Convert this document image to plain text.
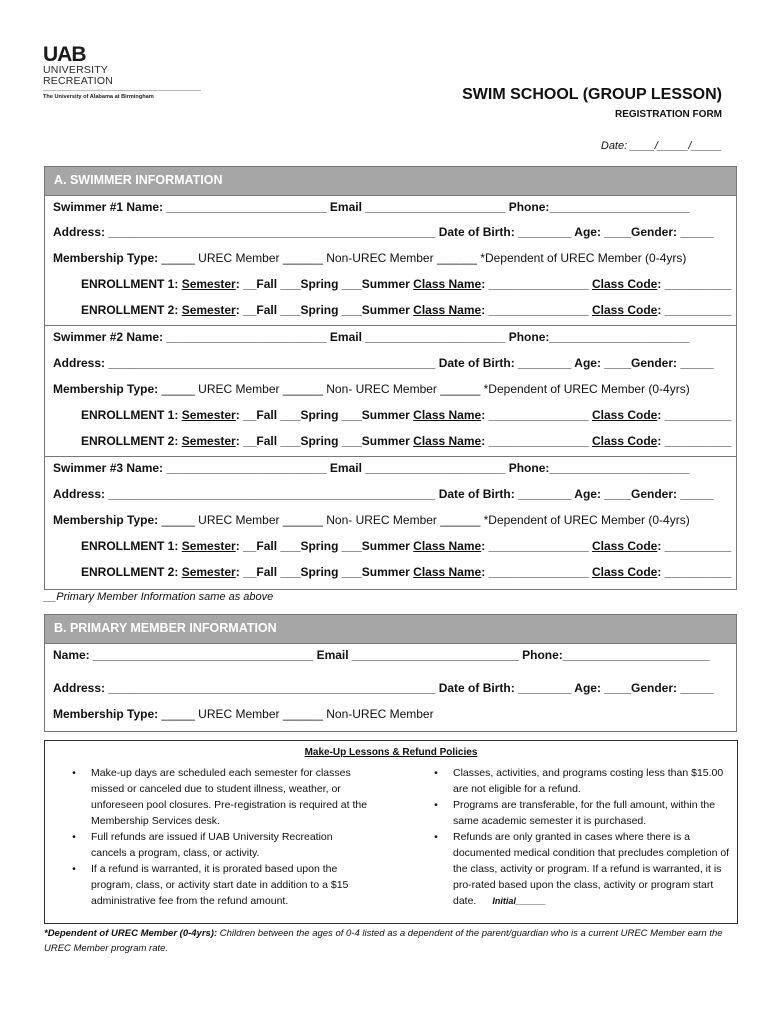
UAB
UNIVERSITY
RECREATION
The University of Alabama at Birmingham	SWIM SCHOOL (GROUP LESSON)
REGISTRATION FORM
Date: ____/_____/_____
A. SWIMMER INFORMATION
Swimmer #1 Name: ________________________ Email _____________________ Phone:_____________________
Address: _________________________________________________ Date of Birth: ________ Age: ____Gender: _____
Membership Type: _____ UREC Member ______ Non-UREC Member ______ *Dependent of UREC Member (0-4yrs)
ENROLLMENT 1: Semester: __Fall ___Spring ___Summer Class Name: _______________ Class Code: __________
ENROLLMENT 2: Semester: __Fall ___Spring ___Summer Class Name: _______________ Class Code: __________
Swimmer #2 Name: ________________________ Email _____________________ Phone:_____________________
Address: _________________________________________________ Date of Birth: ________ Age: ____Gender: _____
Membership Type: _____ UREC Member ______ Non- UREC Member ______ *Dependent of UREC Member (0-4yrs)
ENROLLMENT 1: Semester: __Fall ___Spring ___Summer Class Name: _______________ Class Code: __________
ENROLLMENT 2: Semester: __Fall ___Spring ___Summer Class Name: _______________ Class Code: __________
Swimmer #3 Name: ________________________ Email _____________________ Phone:_____________________
Address: _________________________________________________ Date of Birth: ________ Age: ____Gender: _____
Membership Type: _____ UREC Member ______ Non- UREC Member ______ *Dependent of UREC Member (0-4yrs)
ENROLLMENT 1: Semester: __Fall ___Spring ___Summer Class Name: _______________ Class Code: __________
ENROLLMENT 2: Semester: __Fall ___Spring ___Summer Class Name: _______________ Class Code: __________
__Primary Member Information same as above
B. PRIMARY MEMBER INFORMATION
Name: _________________________________ Email _________________________ Phone:______________________
Address: _________________________________________________ Date of Birth: ________ Age: ____Gender: _____
Membership Type: _____ UREC Member ______ Non-UREC Member
Make-Up Lessons & Refund Policies
•	Make-up days are scheduled each semester for classes missed or canceled due to student illness, weather, or unforeseen pool closures. Pre-registration is required at the Membership Services desk.
•	Full refunds are issued if UAB University Recreation cancels a program, class, or activity.
•	If a refund is warranted, it is prorated based upon the program, class, or activity start date in addition to a $15 administrative fee from the refund amount.
•	Classes, activities, and programs costing less than $15.00 are not eligible for a refund.
•	Programs are transferable, for the full amount, within the same academic semester it is purchased.
•	Refunds are only granted in cases where there is a documented medical condition that precludes completion of the class, activity or program. If a refund is warranted, it is pro-rated based upon the class, activity or program start date. Initial______
*Dependent of UREC Member (0-4yrs): Children between the ages of 0-4 listed as a dependent of the parent/guardian who is a current UREC Member earn the UREC Member program rate.
